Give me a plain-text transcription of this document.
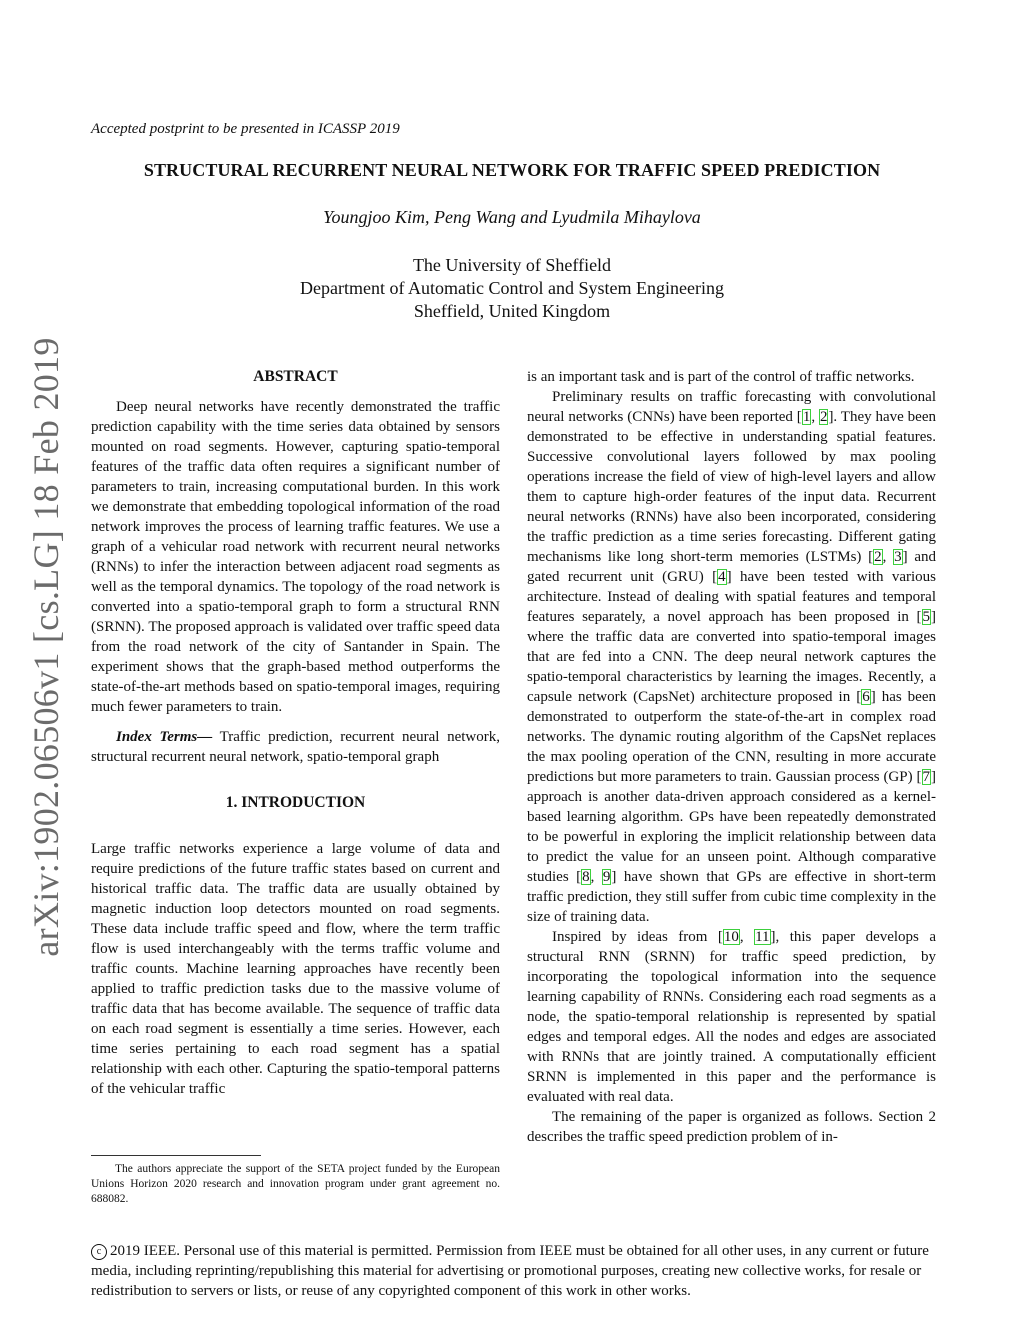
arXiv:1902.06506v1 [cs.LG] 18 Feb 2019
Accepted postprint to be presented in ICASSP 2019
STRUCTURAL RECURRENT NEURAL NETWORK FOR TRAFFIC SPEED PREDICTION
Youngjoo Kim, Peng Wang and Lyudmila Mihaylova
The University of Sheffield
Department of Automatic Control and System Engineering
Sheffield, United Kingdom
ABSTRACT

Deep neural networks have recently demonstrated the traffic prediction capability with the time series data obtained by sensors mounted on road segments. However, capturing spatio-temporal features of the traffic data often requires a significant number of parameters to train, increasing computational burden. In this work we demonstrate that embedding topological information of the road network improves the process of learning traffic features. We use a graph of a vehicular road network with recurrent neural networks (RNNs) to infer the interaction between adjacent road segments as well as the temporal dynamics. The topology of the road network is converted into a spatio-temporal graph to form a structural RNN (SRNN). The proposed approach is validated over traffic speed data from the road network of the city of Santander in Spain. The experiment shows that the graph-based method outperforms the state-of-the-art methods based on spatio-temporal images, requiring much fewer parameters to train.

Index Terms— Traffic prediction, recurrent neural network, structural recurrent neural network, spatio-temporal graph

1. INTRODUCTION

Large traffic networks experience a large volume of data and require predictions of the future traffic states based on current and historical traffic data. The traffic data are usually obtained by magnetic induction loop detectors mounted on road segments. These data include traffic speed and flow, where the term traffic flow is used interchangeably with the terms traffic volume and traffic counts. Machine learning approaches have recently been applied to traffic prediction tasks due to the massive volume of traffic data that has become available. The sequence of traffic data on each road segment is essentially a time series. However, each time series pertaining to each road segment has a spatial relationship with each other. Capturing the spatio-temporal patterns of the vehicular traffic

is an important task and is part of the control of traffic networks.

Preliminary results on traffic forecasting with convolutional neural networks (CNNs) have been reported [1, 2]. They have been demonstrated to be effective in understanding spatial features. Successive convolutional layers followed by max pooling operations increase the field of view of high-level layers and allow them to capture high-order features of the input data. Recurrent neural networks (RNNs) have also been incorporated, considering the traffic prediction as a time series forecasting. Different gating mechanisms like long short-term memories (LSTMs) [2, 3] and gated recurrent unit (GRU) [4] have been tested with various architecture. Instead of dealing with spatial features and temporal features separately, a novel approach has been proposed in [5] where the traffic data are converted into spatio-temporal images that are fed into a CNN. The deep neural network captures the spatio-temporal characteristics by learning the images. Recently, a capsule network (CapsNet) architecture proposed in [6] has been demonstrated to outperform the state-of-the-art in complex road networks. The dynamic routing algorithm of the CapsNet replaces the max pooling operation of the CNN, resulting in more accurate predictions but more parameters to train. Gaussian process (GP) [7] approach is another data-driven approach considered as a kernel-based learning algorithm. GPs have been repeatedly demonstrated to be powerful in exploring the implicit relationship between data to predict the value for an unseen point. Although comparative studies [8, 9] have shown that GPs are effective in short-term traffic prediction, they still suffer from cubic time complexity in the size of training data.

Inspired by ideas from [10, 11], this paper develops a structural RNN (SRNN) for traffic speed prediction, by incorporating the topological information into the sequence learning capability of RNNs. Considering each road segments as a node, the spatio-temporal relationship is represented by spatial edges and temporal edges. All the nodes and edges are associated with RNNs that are jointly trained. A computationally efficient SRNN is implemented in this paper and the performance is evaluated with real data.

The remaining of the paper is organized as follows. Section 2 describes the traffic speed prediction problem of in-

The authors appreciate the support of the SETA project funded by the European Unions Horizon 2020 research and innovation program under grant agreement no. 688082.

c 2019 IEEE. Personal use of this material is permitted. Permission from IEEE must be obtained for all other uses, in any current or future media, including reprinting/republishing this material for advertising or promotional purposes, creating new collective works, for resale or redistribution to servers or lists, or reuse of any copyrighted component of this work in other works.
